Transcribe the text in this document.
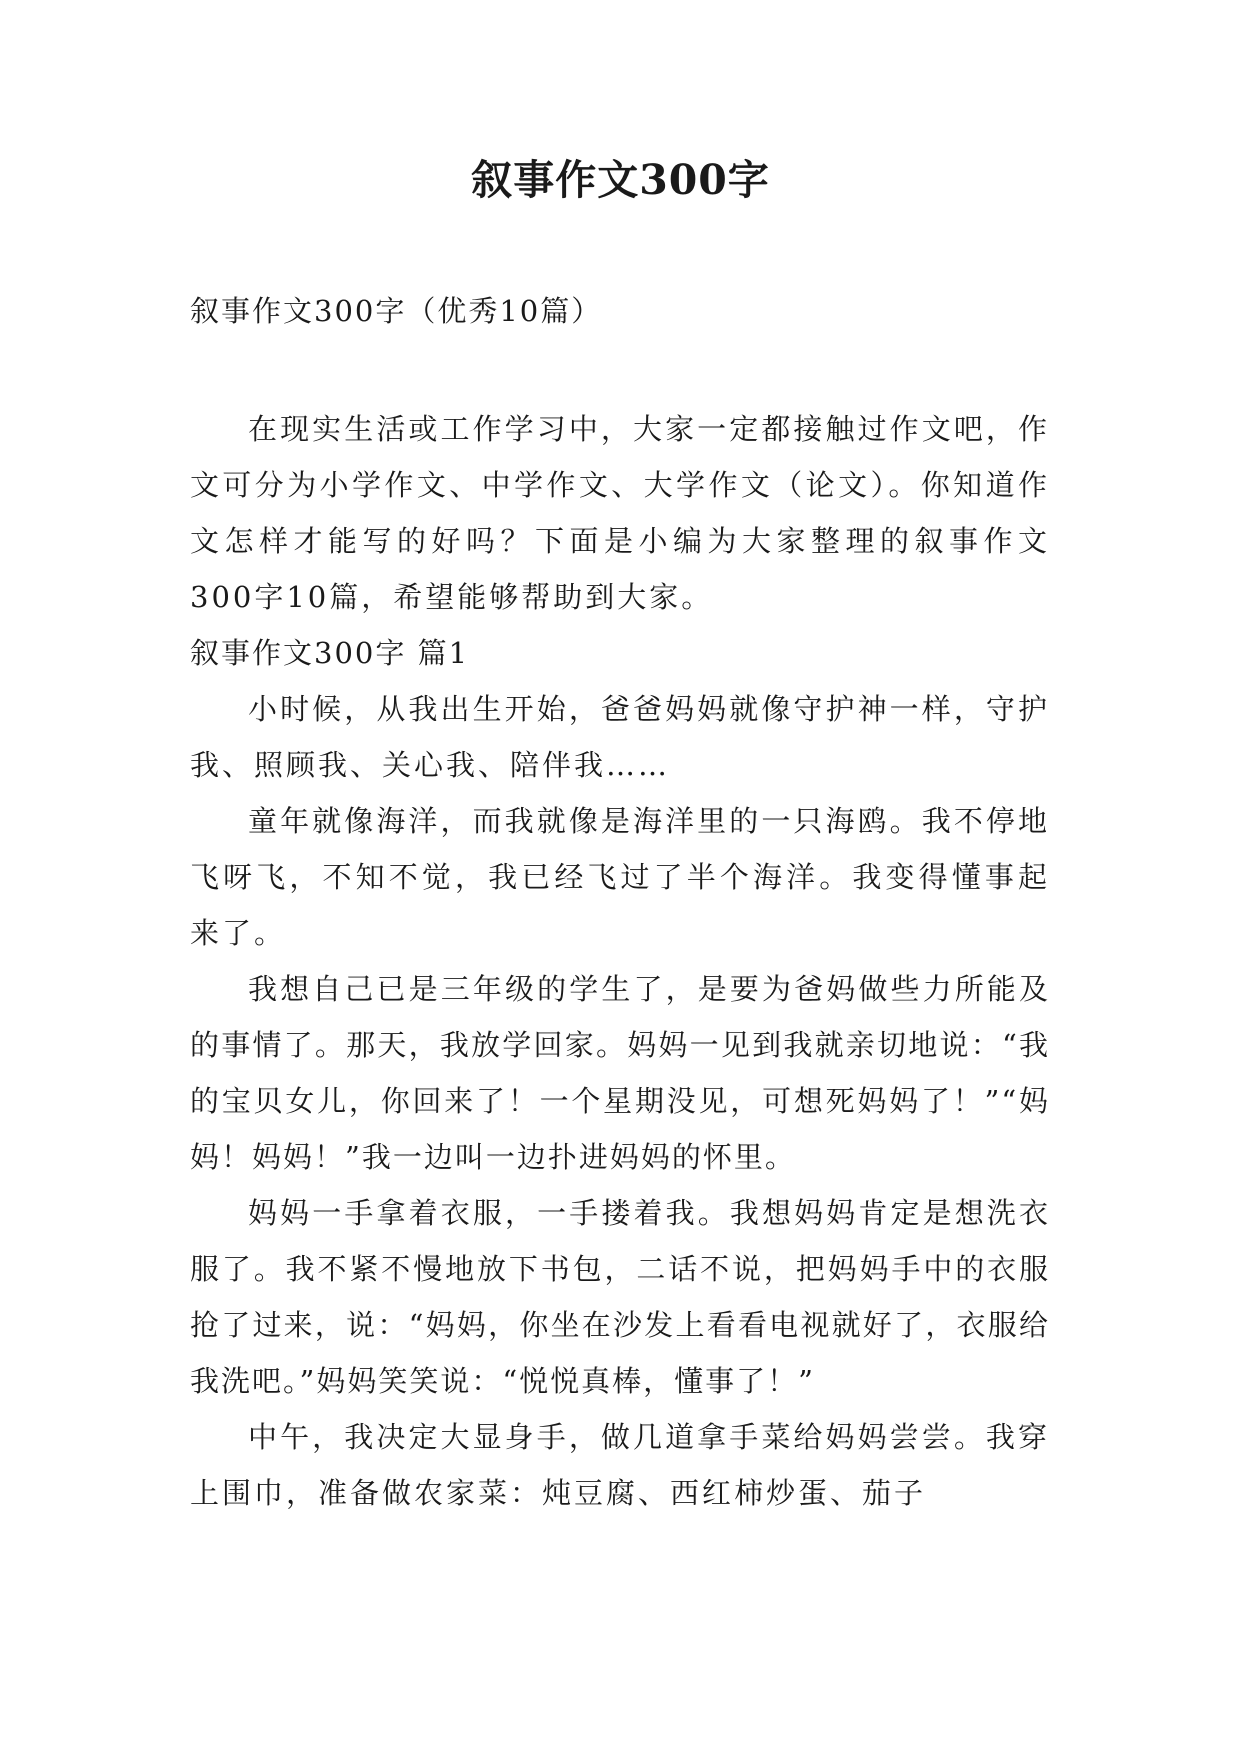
叙事作文300字

叙事作文300字（优秀10篇）

在现实生活或工作学习中，大家一定都接触过作文吧，作文可分为小学作文、中学作文、大学作文（论文）。你知道作文怎样才能写的好吗？下面是小编为大家整理的叙事作文300字10篇，希望能够帮助到大家。

叙事作文300字 篇1

小时候，从我出生开始，爸爸妈妈就像守护神一样，守护我、照顾我、关心我、陪伴我……

童年就像海洋，而我就像是海洋里的一只海鸥。我不停地飞呀飞，不知不觉，我已经飞过了半个海洋。我变得懂事起来了。

我想自己已是三年级的学生了，是要为爸妈做些力所能及的事情了。那天，我放学回家。妈妈一见到我就亲切地说：“我的宝贝女儿，你回来了！一个星期没见，可想死妈妈了！”“妈妈！妈妈！”我一边叫一边扑进妈妈的怀里。

妈妈一手拿着衣服，一手搂着我。我想妈妈肯定是想洗衣服了。我不紧不慢地放下书包，二话不说，把妈妈手中的衣服抢了过来，说：“妈妈，你坐在沙发上看看电视就好了，衣服给我洗吧。”妈妈笑笑说：“悦悦真棒，懂事了！”

中午，我决定大显身手，做几道拿手菜给妈妈尝尝。我穿上围巾，准备做农家菜：炖豆腐、西红柿炒蛋、茄子
